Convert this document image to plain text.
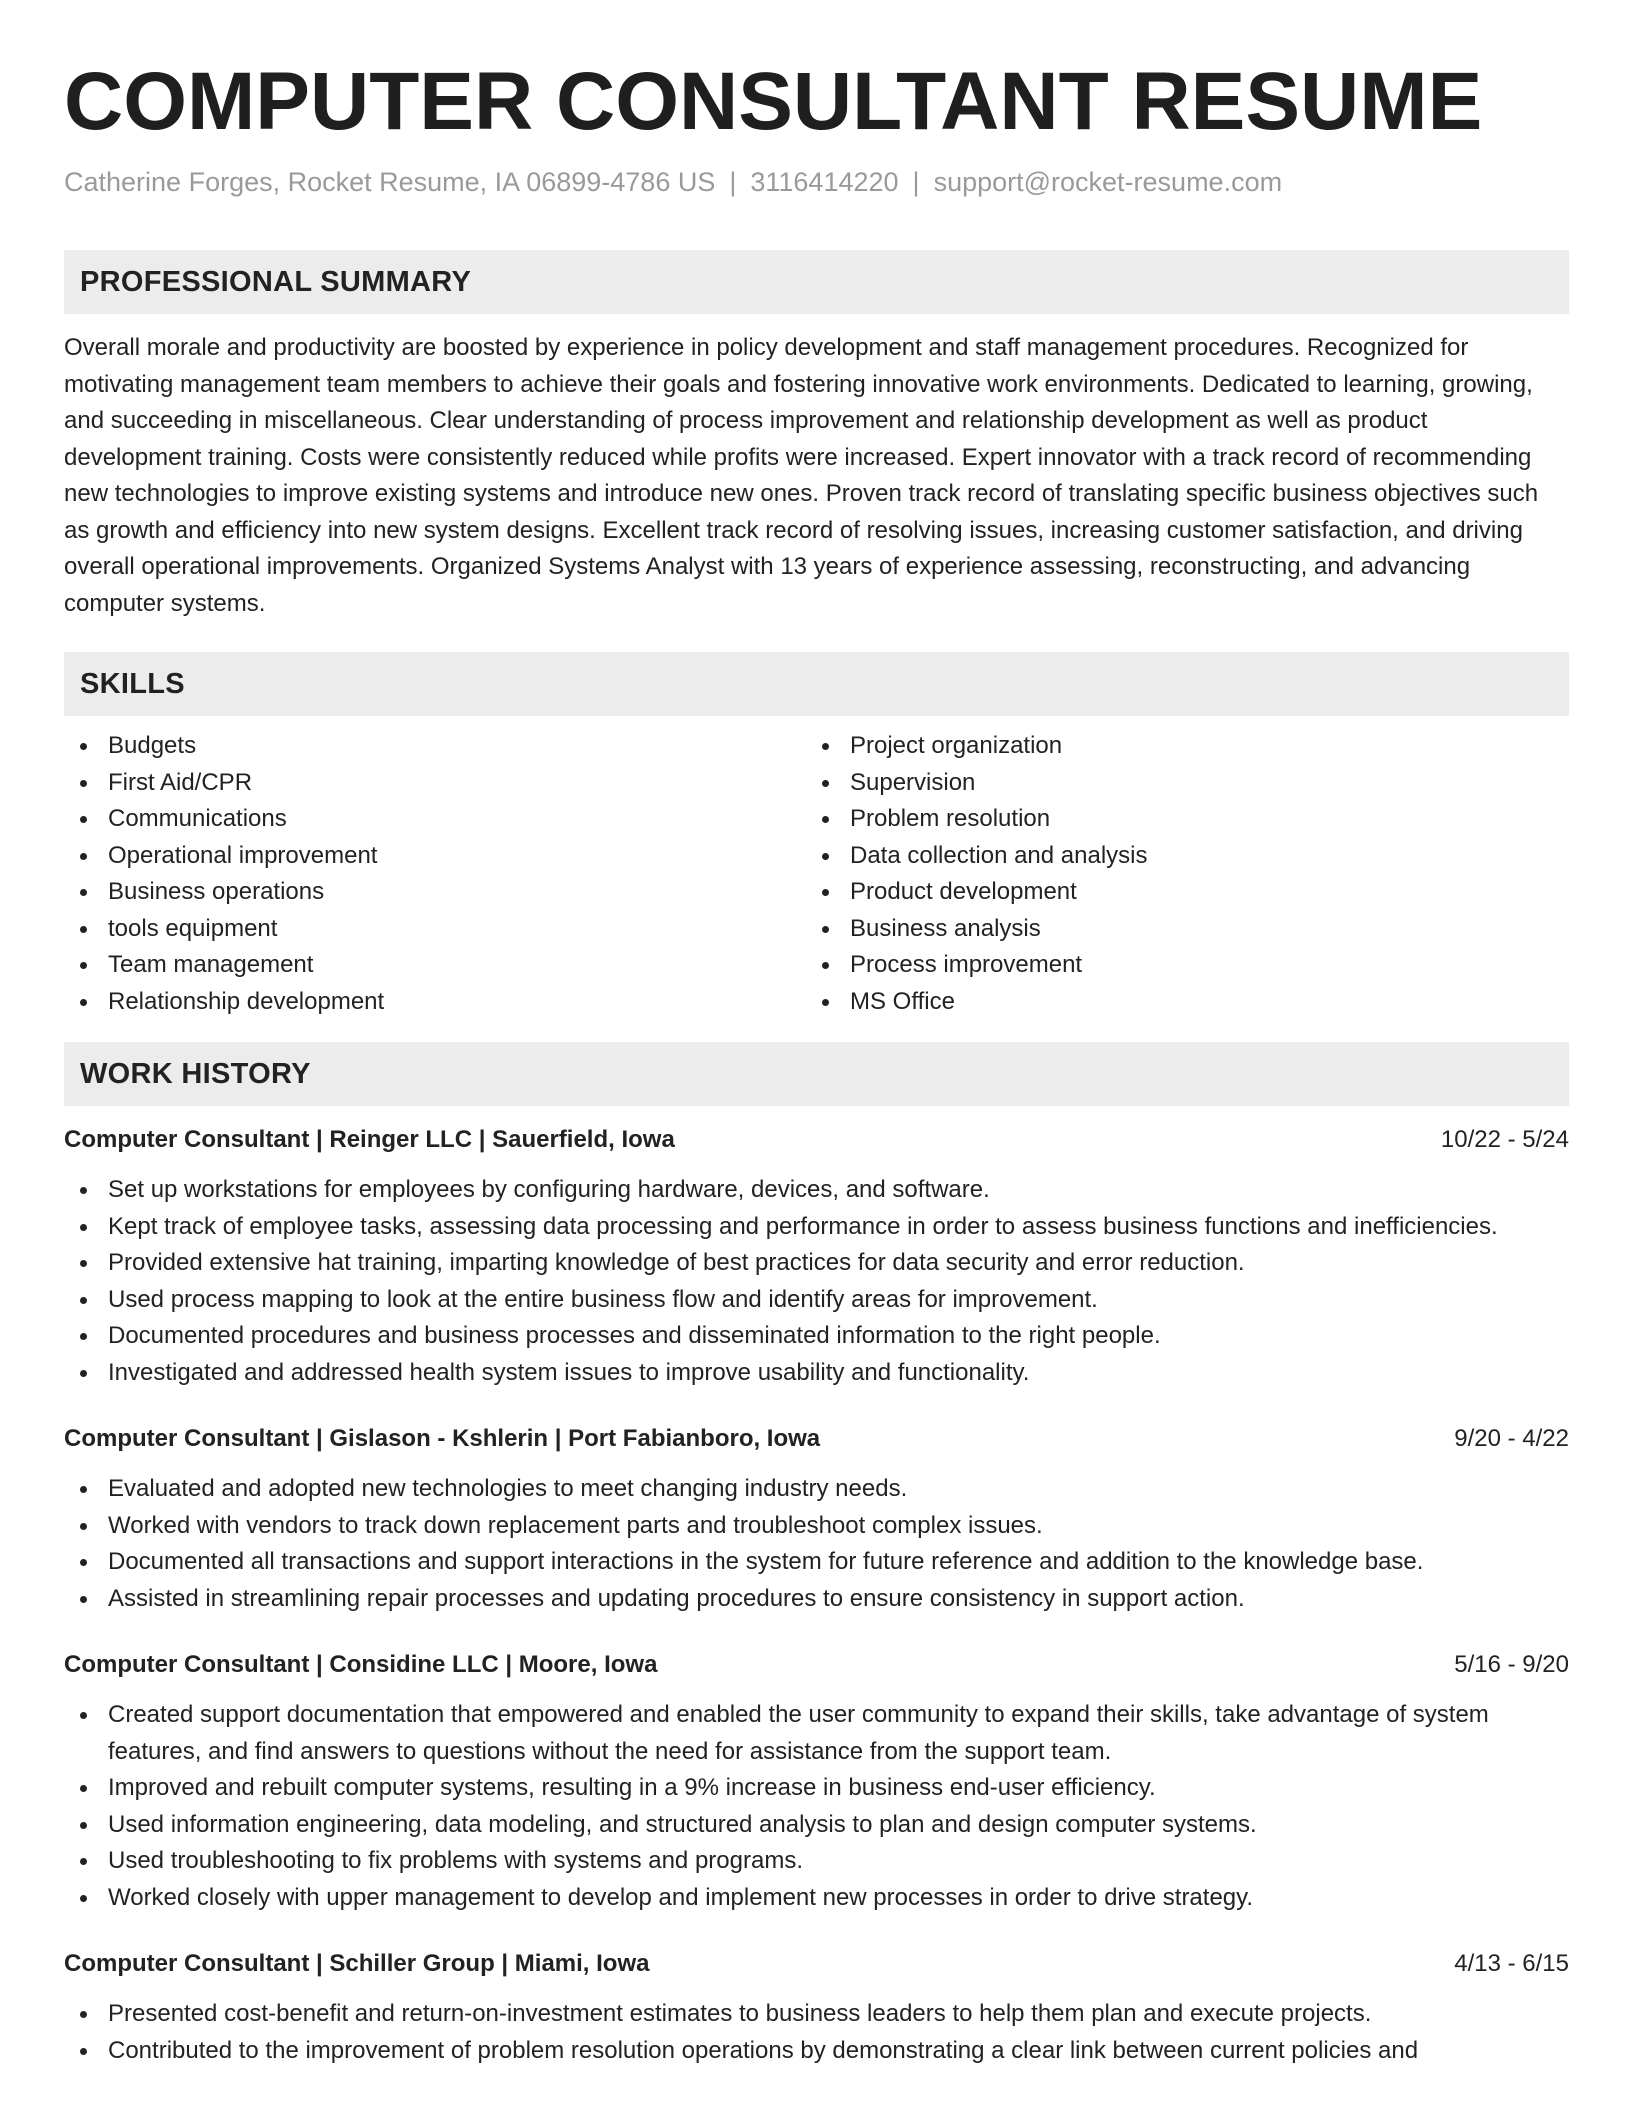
COMPUTER CONSULTANT RESUME
Catherine Forges, Rocket Resume, IA 06899-4786 US | 3116414220 | support@rocket-resume.com
PROFESSIONAL SUMMARY
Overall morale and productivity are boosted by experience in policy development and staff management procedures. Recognized for motivating management team members to achieve their goals and fostering innovative work environments. Dedicated to learning, growing, and succeeding in miscellaneous. Clear understanding of process improvement and relationship development as well as product development training. Costs were consistently reduced while profits were increased. Expert innovator with a track record of recommending new technologies to improve existing systems and introduce new ones. Proven track record of translating specific business objectives such as growth and efficiency into new system designs. Excellent track record of resolving issues, increasing customer satisfaction, and driving overall operational improvements. Organized Systems Analyst with 13 years of experience assessing, reconstructing, and advancing computer systems.
SKILLS
Budgets
First Aid/CPR
Communications
Operational improvement
Business operations
tools equipment
Team management
Relationship development
Project organization
Supervision
Problem resolution
Data collection and analysis
Product development
Business analysis
Process improvement
MS Office
WORK HISTORY
Computer Consultant | Reinger LLC | Sauerfield, Iowa	10/22 - 5/24
Set up workstations for employees by configuring hardware, devices, and software.
Kept track of employee tasks, assessing data processing and performance in order to assess business functions and inefficiencies.
Provided extensive hat training, imparting knowledge of best practices for data security and error reduction.
Used process mapping to look at the entire business flow and identify areas for improvement.
Documented procedures and business processes and disseminated information to the right people.
Investigated and addressed health system issues to improve usability and functionality.
Computer Consultant | Gislason - Kshlerin | Port Fabianboro, Iowa	9/20 - 4/22
Evaluated and adopted new technologies to meet changing industry needs.
Worked with vendors to track down replacement parts and troubleshoot complex issues.
Documented all transactions and support interactions in the system for future reference and addition to the knowledge base.
Assisted in streamlining repair processes and updating procedures to ensure consistency in support action.
Computer Consultant | Considine LLC | Moore, Iowa	5/16 - 9/20
Created support documentation that empowered and enabled the user community to expand their skills, take advantage of system features, and find answers to questions without the need for assistance from the support team.
Improved and rebuilt computer systems, resulting in a 9% increase in business end-user efficiency.
Used information engineering, data modeling, and structured analysis to plan and design computer systems.
Used troubleshooting to fix problems with systems and programs.
Worked closely with upper management to develop and implement new processes in order to drive strategy.
Computer Consultant | Schiller Group | Miami, Iowa	4/13 - 6/15
Presented cost-benefit and return-on-investment estimates to business leaders to help them plan and execute projects.
Contributed to the improvement of problem resolution operations by demonstrating a clear link between current policies and
